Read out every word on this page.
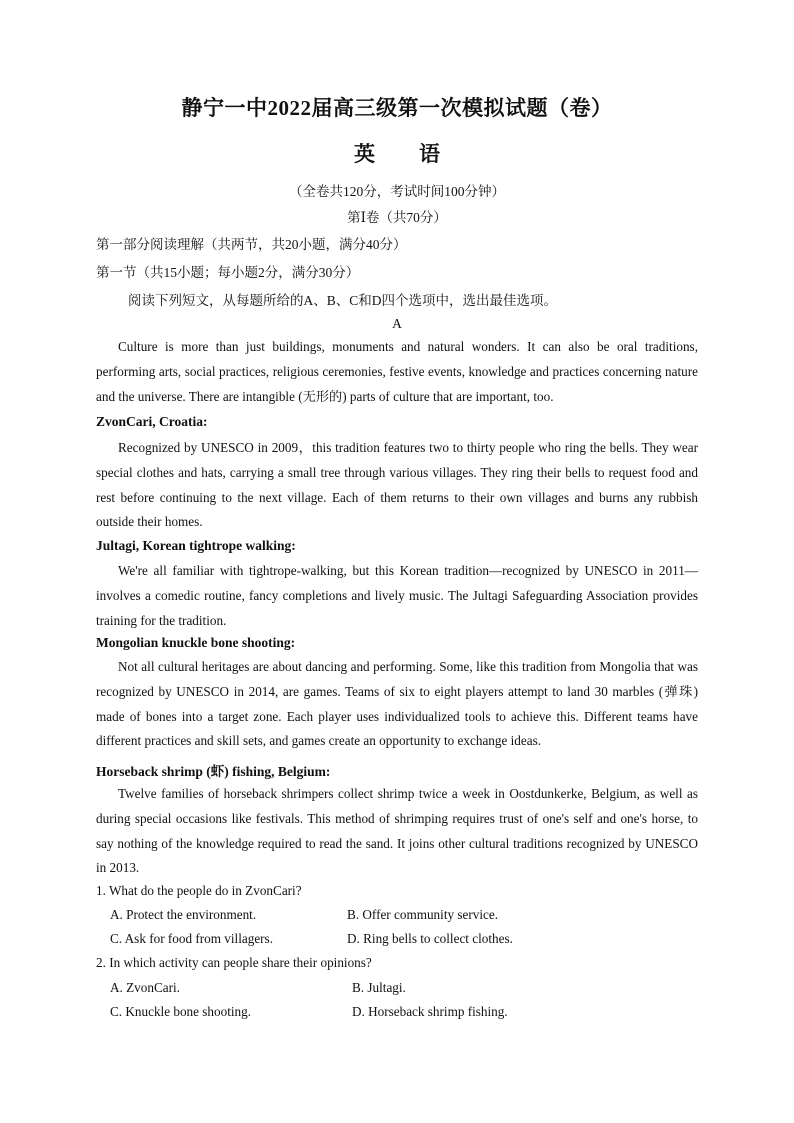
静宁一中2022届高三级第一次模拟试题（卷）
英 语
（全卷共120分，考试时间100分钟）
第Ⅰ卷（共70分）
第一部分阅读理解（共两节，共20小题，满分40分）
第一节（共15小题；每小题2分，满分30分）
阅读下列短文，从每题所给的A、B、C和D四个选项中，选出最佳选项。
A
Culture is more than just buildings, monuments and natural wonders. It can also be oral traditions, performing arts, social practices, religious ceremonies, festive events, knowledge and practices concerning nature and the universe. There are intangible (无形的) parts of culture that are important, too.
ZvonCari, Croatia:
Recognized by UNESCO in 2009，this tradition features two to thirty people who ring the bells. They wear special clothes and hats, carrying a small tree through various villages. They ring their bells to request food and rest before continuing to the next village. Each of them returns to their own villages and burns any rubbish outside their homes.
Jultagi, Korean tightrope walking:
We're all familiar with tightrope-walking, but this Korean tradition—recognized by UNESCO in 2011—involves a comedic routine, fancy completions and lively music. The Jultagi Safeguarding Association provides training for the tradition.
Mongolian knuckle bone shooting:
Not all cultural heritages are about dancing and performing. Some, like this tradition from Mongolia that was recognized by UNESCO in 2014, are games. Teams of six to eight players attempt to land 30 marbles (弹珠) made of bones into a target zone. Each player uses individualized tools to achieve this. Different teams have different practices and skill sets, and games create an opportunity to exchange ideas.
Horseback shrimp (虾) fishing, Belgium:
Twelve families of horseback shrimpers collect shrimp twice a week in Oostdunkerke, Belgium, as well as during special occasions like festivals. This method of shrimping requires trust of one's self and one's horse, to say nothing of the knowledge required to read the sand. It joins other cultural traditions recognized by UNESCO in 2013.
1. What do the people do in ZvonCari?
A. Protect the environment.	B. Offer community service.
C. Ask for food from villagers.	D. Ring bells to collect clothes.
2. In which activity can people share their opinions?
A. ZvonCari.	B. Jultagi.
C. Knuckle bone shooting.	D. Horseback shrimp fishing.
